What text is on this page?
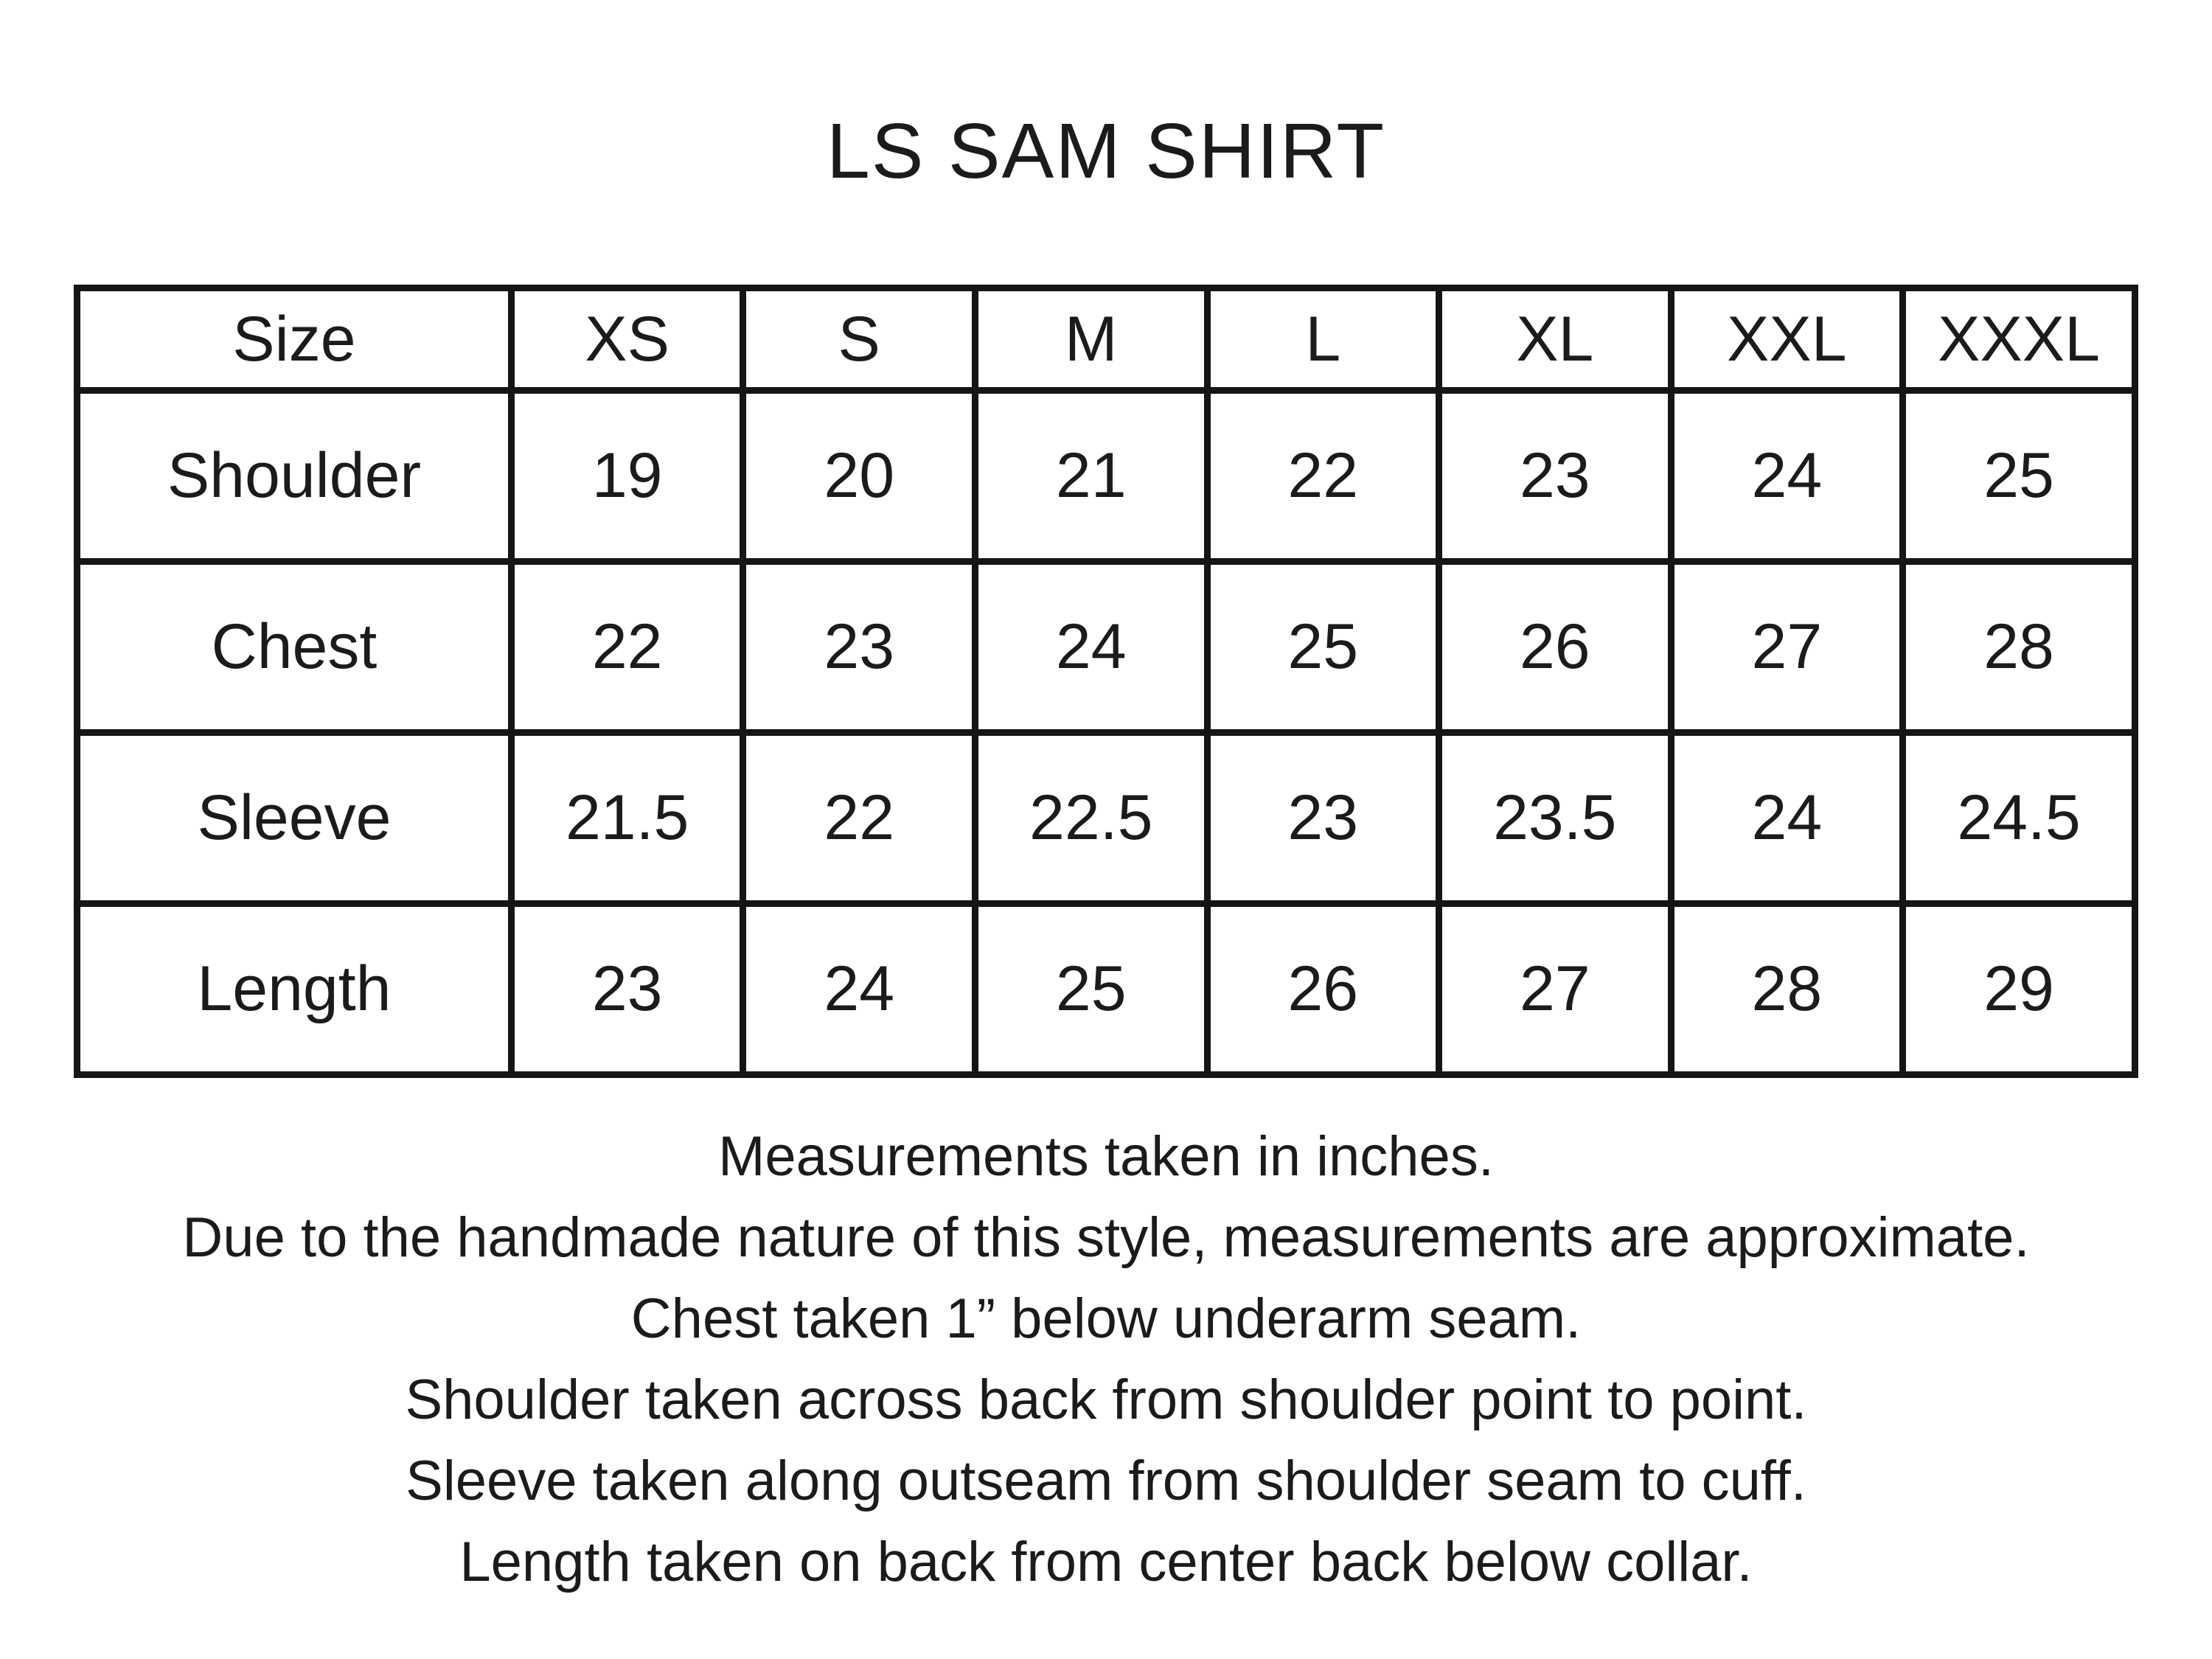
LS SAM SHIRT
Size	XS	S	M	L	XL	XXL	XXXL
Shoulder	19	20	21	22	23	24	25
Chest	22	23	24	25	26	27	28
Sleeve	21.5	22	22.5	23	23.5	24	24.5
Length	23	24	25	26	27	28	29

Measurements taken in inches.

Due to the handmade nature of this style, measurements are approximate.

Chest taken 1” below underarm seam.

Shoulder taken across back from shoulder point to point.

Sleeve taken along outseam from shoulder seam to cuff.

Length taken on back from center back below collar.
